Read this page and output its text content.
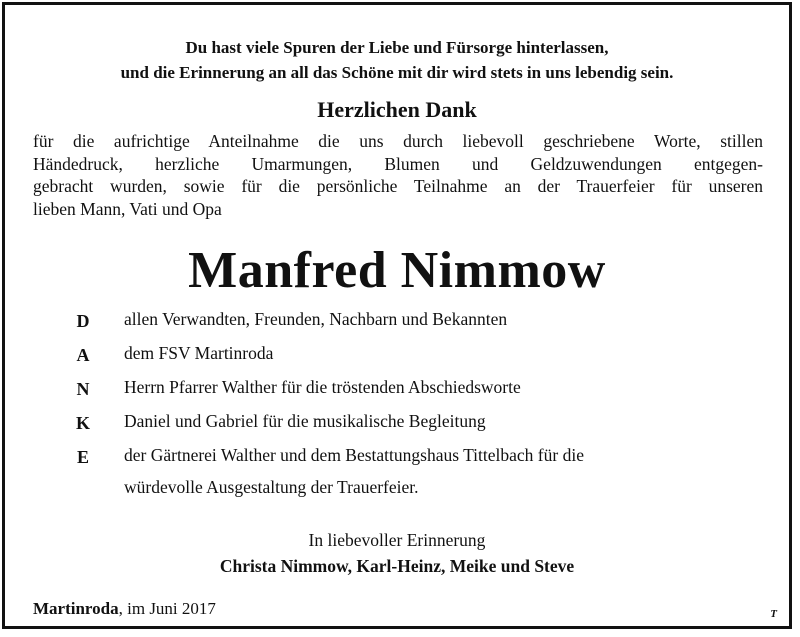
Du hast viele Spuren der Liebe und Fürsorge hinterlassen,
und die Erinnerung an all das Schöne mit dir wird stets in uns lebendig sein.
Herzlichen Dank
für die aufrichtige Anteilnahme die uns durch liebevoll geschriebene Worte, stillen
Händedruck, herzliche Umarmungen, Blumen und Geldzuwendungen entgegen-
gebracht wurden, sowie für die persönliche Teilnahme an der Trauerfeier für unseren
lieben Mann, Vati und Opa
Manfred Nimmow
D	allen Verwandten, Freunden, Nachbarn und Bekannten
A	dem FSV Martinroda
N	Herrn Pfarrer Walther für die tröstenden Abschiedsworte
K Daniel und Gabriel für die musikalische Begleitung
E	der Gärtnerei Walther und dem Bestattungshaus Tittelbach für die
würdevolle Ausgestaltung der Trauerfeier.
In liebevoller Erinnerung
Christa Nimmow, Karl-Heinz, Meike und Steve
Martinroda, im Juni 2017	T
